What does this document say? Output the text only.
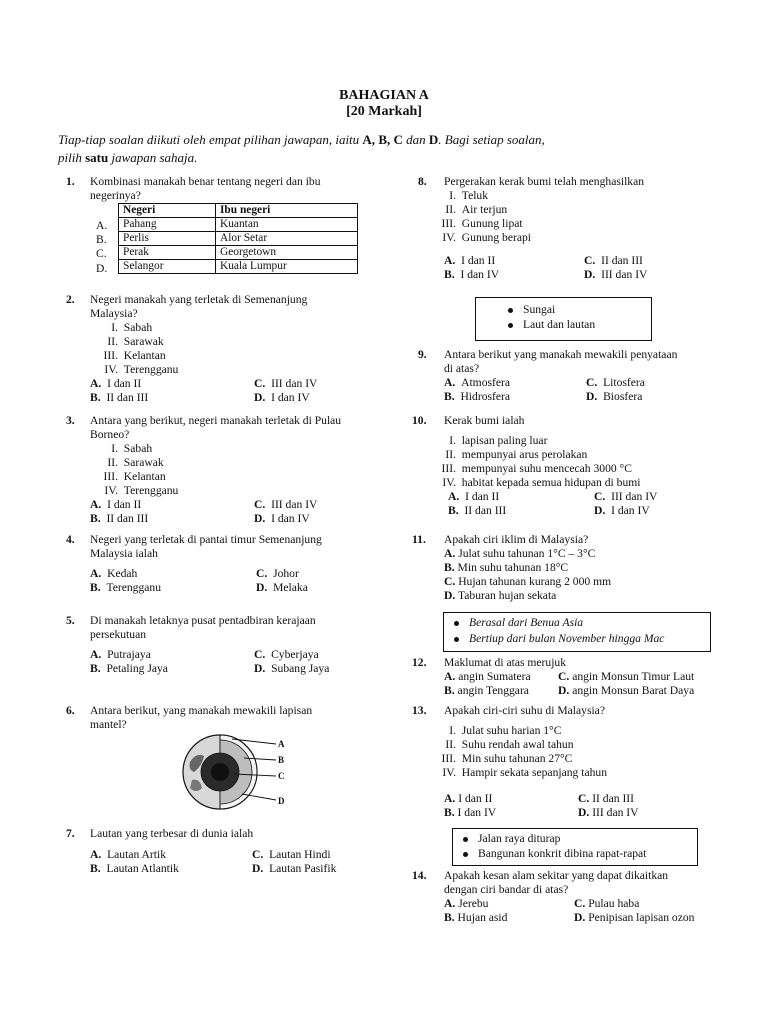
BAHAGIAN A
[20 Markah]
Tiap-tiap soalan diikuti oleh empat pilihan jawapan, iaitu A, B, C dan D. Bagi setiap soalan,
pilih satu jawapan sahaja.
1. Kombinasi manakah benar tentang negeri dan ibu
negerinya?
A.
B.
C.
D.
Negeri	Ibu negeri
Pahang	Kuantan
Perlis	Alor Setar
Perak	Georgetown
Selangor	Kuala Lumpur
2. Negeri manakah yang terletak di Semenanjung
Malaysia?
I. Sabah
II. Sarawak
III. Kelantan
IV. Terengganu
A. I dan II
B. II dan III
C. III dan IV
D. I dan IV
3. Antara yang berikut, negeri manakah terletak di Pulau
Borneo?
I. Sabah
II. Sarawak
III. Kelantan
IV. Terengganu
A. I dan II
B. II dan III
C. III dan IV
D. I dan IV
4. Negeri yang terletak di pantai timur Semenanjung
Malaysia ialah
A. Kedah
B. Terengganu
C. Johor
D. Melaka
5. Di manakah letaknya pusat pentadbiran kerajaan
persekutuan
A. Putrajaya
B. Petaling Jaya
C. Cyberjaya
D. Subang Jaya
6. Antara berikut, yang manakah mewakili lapisan
mantel?
A
B
C
D
7. Lautan yang terbesar di dunia ialah
A. Lautan Artik
B. Lautan Atlantik
C. Lautan Hindi
D. Lautan Pasifik
8. Pergerakan kerak bumi telah menghasilkan
I. Teluk
II. Air terjun
III. Gunung lipat
IV. Gunung berapi
A. I dan II
B. I dan IV
C. II dan III
D. III dan IV
Sungai
Laut dan lautan
9. Antara berikut yang manakah mewakili penyataan
di atas?
A. Atmosfera
B. Hidrosfera
C. Litosfera
D. Biosfera
10. Kerak bumi ialah
I. lapisan paling luar
II. mempunyai arus perolakan
III. mempunyai suhu mencecah 3000 °C
IV. habitat kepada semua hidupan di bumi
A. I dan II
B. II dan III
C. III dan IV
D. I dan IV
11. Apakah ciri iklim di Malaysia?
A. Julat suhu tahunan 1°C – 3°C
B. Min suhu tahunan 18°C
C. Hujan tahunan kurang 2 000 mm
D. Taburan hujan sekata
Berasal dari Benua Asia
Bertiup dari bulan November hingga Mac
12. Maklumat di atas merujuk
A. angin Sumatera
B. angin Tenggara
C. angin Monsun Timur Laut
D. angin Monsun Barat Daya
13. Apakah ciri-ciri suhu di Malaysia?
I. Julat suhu harian 1°C
II. Suhu rendah awal tahun
III. Min suhu tahunan 27°C
IV. Hampir sekata sepanjang tahun
A. I dan II
B. I dan IV
C. II dan III
D. III dan IV
Jalan raya diturap
Bangunan konkrit dibina rapat-rapat
14. Apakah kesan alam sekitar yang dapat dikaitkan
dengan ciri bandar di atas?
A. Jerebu
B. Hujan asid
C. Pulau haba
D. Penipisan lapisan ozon
